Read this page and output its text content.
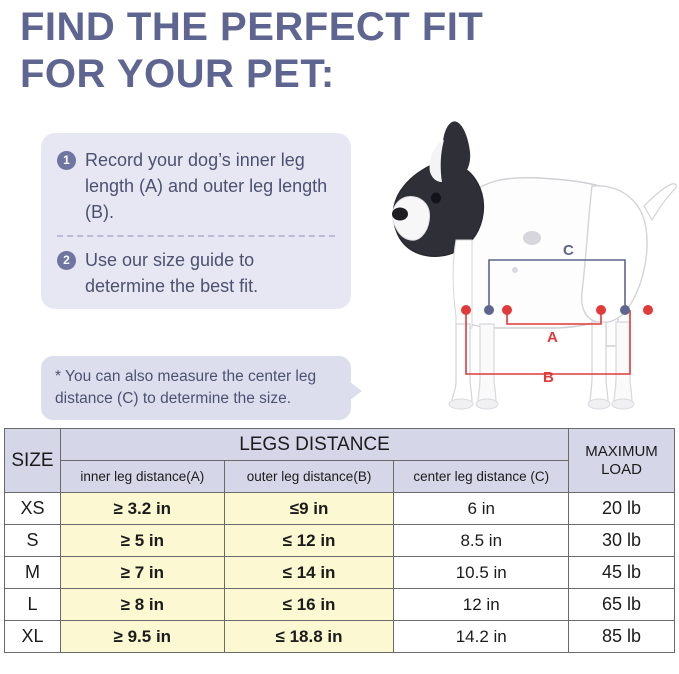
FIND THE PERFECT FIT
FOR YOUR PET:
1 Record your dog’s inner leg length (A) and outer leg length (B).
2 Use our size guide to determine the best fit.
* You can also measure the center leg distance (C) to determine the size.
A
B
C
SIZE	LEGS DISTANCE			MAXIMUM LOAD
	inner leg distance(A)	outer leg distance(B)	center leg distance (C)	
XS	≥ 3.2 in	≤9 in	6 in	20 lb
S	≥ 5 in	≤ 12 in	8.5 in	30 lb
M	≥ 7 in	≤ 14 in	10.5 in	45 lb
L	≥ 8 in	≤ 16 in	12 in	65 lb
XL	≥ 9.5 in	≤ 18.8 in	14.2 in	85 lb
